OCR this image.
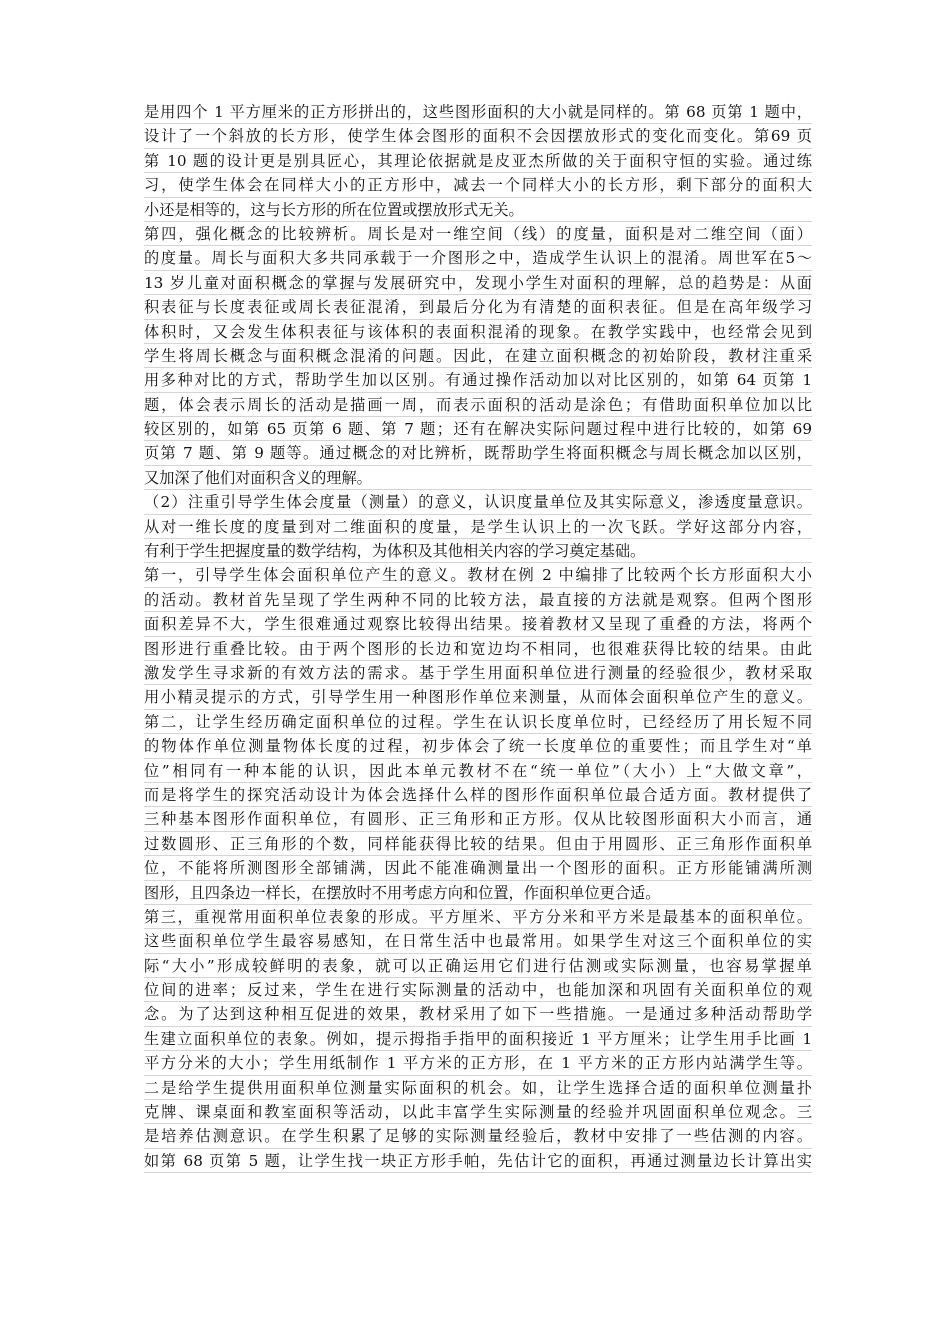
是用四个 1 平方厘米的正方形拼出的，这些图形面积的大小就是同样的。第 68 页第 1 题中，
设计了一个斜放的长方形，使学生体会图形的面积不会因摆放形式的变化而变化。第69 页
第 10 题的设计更是别具匠心，其理论依据就是皮亚杰所做的关于面积守恒的实验。通过练
习，使学生体会在同样大小的正方形中，减去一个同样大小的长方形，剩下部分的面积大
小还是相等的，这与长方形的所在位置或摆放形式无关。
第四，强化概念的比较辨析。周长是对一维空间（线）的度量，面积是对二维空间（面）
的度量。周长与面积大多共同承载于一介图形之中，造成学生认识上的混淆。周世军在5～
13 岁儿童对面积概念的掌握与发展研究中，发现小学生对面积的理解，总的趋势是：从面
积表征与长度表征或周长表征混淆，到最后分化为有清楚的面积表征。但是在高年级学习
体积时，又会发生体积表征与该体积的表面积混淆的现象。在教学实践中，也经常会见到
学生将周长概念与面积概念混淆的问题。因此，在建立面积概念的初始阶段，教材注重采
用多种对比的方式，帮助学生加以区别。有通过操作活动加以对比区别的，如第 64 页第 1
题，体会表示周长的活动是描画一周，而表示面积的活动是涂色；有借助面积单位加以比
较区别的，如第 65 页第 6 题、第 7 题；还有在解决实际问题过程中进行比较的，如第 69
页第 7 题、第 9 题等。通过概念的对比辨析，既帮助学生将面积概念与周长概念加以区别，
又加深了他们对面积含义的理解。
（2）注重引导学生体会度量（测量）的意义，认识度量单位及其实际意义，渗透度量意识。
从对一维长度的度量到对二维面积的度量，是学生认识上的一次飞跃。学好这部分内容，
有利于学生把握度量的数学结构，为体积及其他相关内容的学习奠定基础。
第一，引导学生体会面积单位产生的意义。教材在例 2 中编排了比较两个长方形面积大小
的活动。教材首先呈现了学生两种不同的比较方法，最直接的方法就是观察。但两个图形
面积差异不大，学生很难通过观察比较得出结果。接着教材又呈现了重叠的方法，将两个
图形进行重叠比较。由于两个图形的长边和宽边均不相同，也很难获得比较的结果。由此
激发学生寻求新的有效方法的需求。基于学生用面积单位进行测量的经验很少，教材采取
用小精灵提示的方式，引导学生用一种图形作单位来测量，从而体会面积单位产生的意义。
第二，让学生经历确定面积单位的过程。学生在认识长度单位时，已经经历了用长短不同
的物体作单位测量物体长度的过程，初步体会了统一长度单位的重要性；而且学生对“单
位”相同有一种本能的认识，因此本单元教材不在“统一单位”（大小）上“大做文章”，
而是将学生的探究活动设计为体会选择什么样的图形作面积单位最合适方面。教材提供了
三种基本图形作面积单位，有圆形、正三角形和正方形。仅从比较图形面积大小而言，通
过数圆形、正三角形的个数，同样能获得比较的结果。但由于用圆形、正三角形作面积单
位，不能将所测图形全部铺满，因此不能准确测量出一个图形的面积。正方形能铺满所测
图形，且四条边一样长，在摆放时不用考虑方向和位置，作面积单位更合适。
第三，重视常用面积单位表象的形成。平方厘米、平方分米和平方米是最基本的面积单位。
这些面积单位学生最容易感知，在日常生活中也最常用。如果学生对这三个面积单位的实
际“大小”形成较鲜明的表象，就可以正确运用它们进行估测或实际测量，也容易掌握单
位间的进率；反过来，学生在进行实际测量的活动中，也能加深和巩固有关面积单位的观
念。为了达到这种相互促进的效果，教材采用了如下一些措施。一是通过多种活动帮助学
生建立面积单位的表象。例如，提示拇指手指甲的面积接近 1 平方厘米；让学生用手比画 1
平方分米的大小；学生用纸制作 1 平方米的正方形，在 1 平方米的正方形内站满学生等。
二是给学生提供用面积单位测量实际面积的机会。如，让学生选择合适的面积单位测量扑
克牌、课桌面和教室面积等活动，以此丰富学生实际测量的经验并巩固面积单位观念。三
是培养估测意识。在学生积累了足够的实际测量经验后，教材中安排了一些估测的内容。
如第 68 页第 5 题，让学生找一块正方形手帕，先估计它的面积，再通过测量边长计算出实
